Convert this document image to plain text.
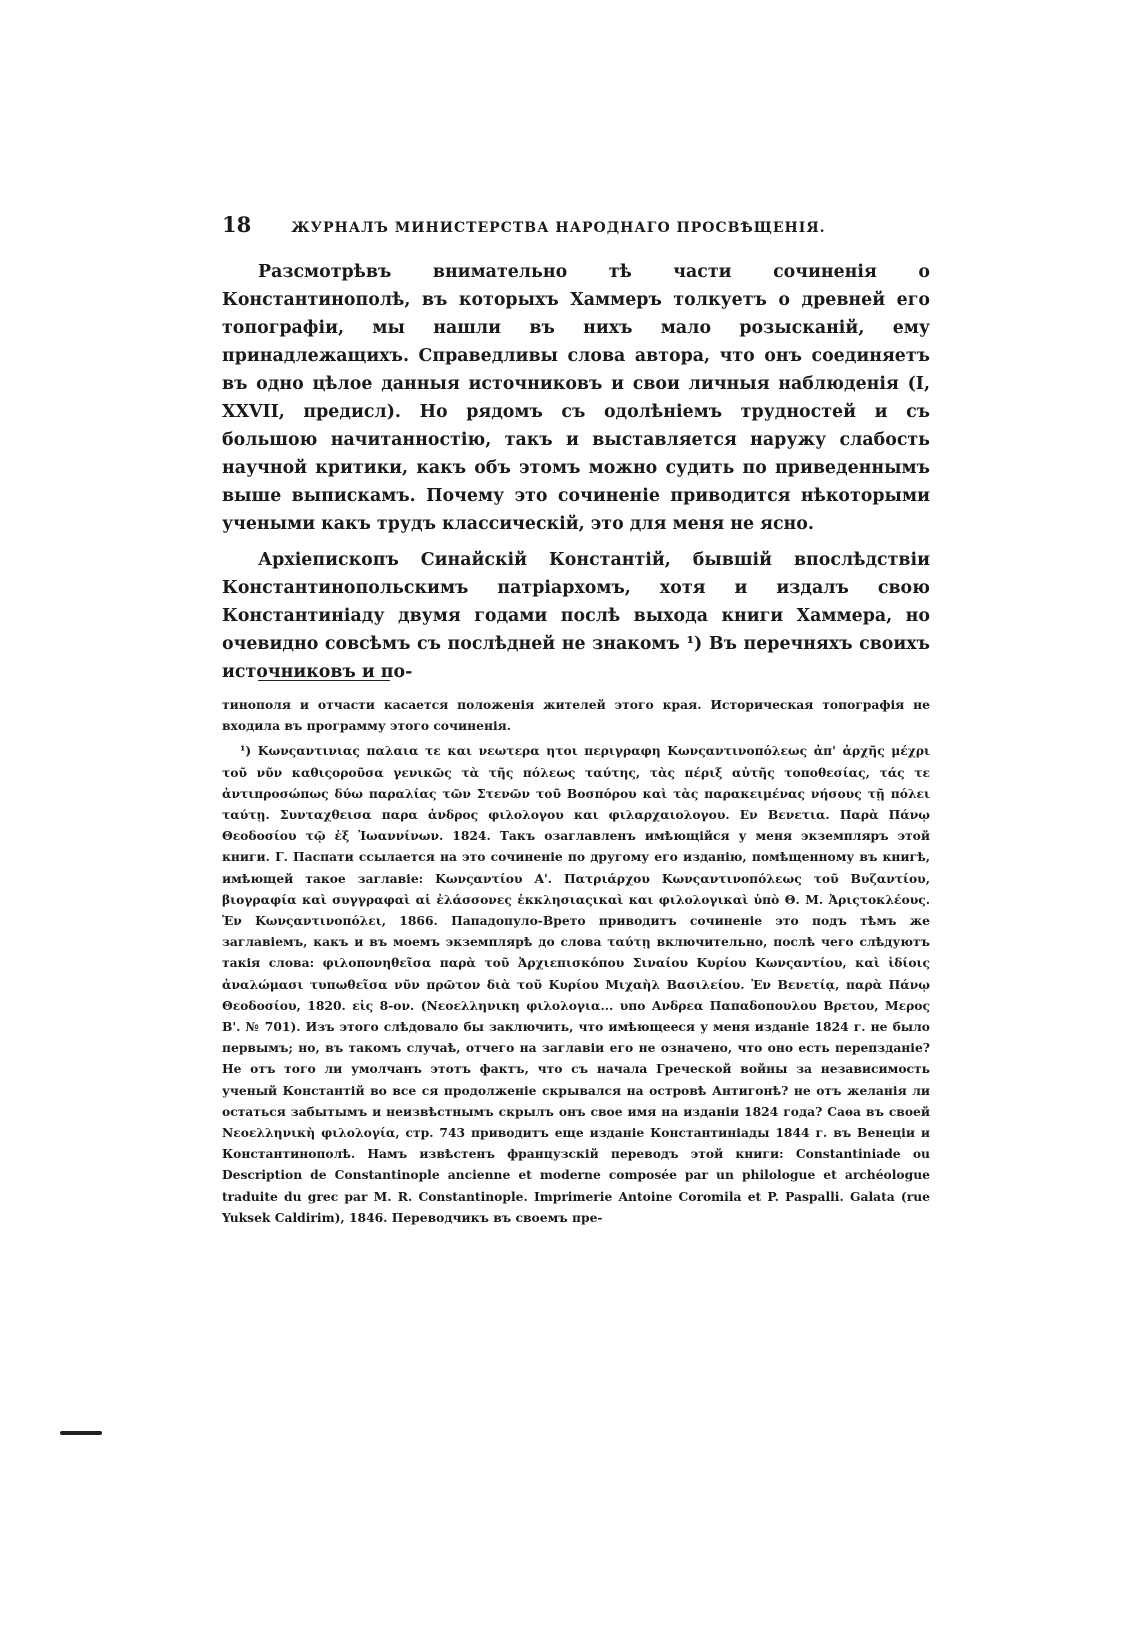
18	ЖУРНАЛЪ МИНИСТЕРСТВА НАРОДНАГО ПРОСВѢЩЕНІЯ.

Разсмотрѣвъ внимательно тѣ части сочиненія о Константинополѣ, въ которыхъ Хаммеръ толкуетъ о древней его топографіи, мы нашли въ нихъ мало розысканій, ему принадлежащихъ. Справедливы слова автора, что онъ соединяетъ въ одно цѣлое данныя источниковъ и свои личныя наблюденія (I, XXVII, предисл). Но рядомъ съ одолѣніемъ трудностей и съ большою начитанностію, такъ и выставляется наружу слабость научной критики, какъ объ этомъ можно судить по приведеннымъ выше выпискамъ. Почему это сочиненіе приводится нѣкоторыми учеными какъ трудъ классическій, это для меня не ясно.

Архіепископъ Синайскій Константій, бывшій впослѣдствіи Константинопольскимъ патріархомъ, хотя и издалъ свою Константиніаду двумя годами послѣ выхода книги Хаммера, но очевидно совсѣмъ съ послѣдней не знакомъ ¹) Въ перечняхъ своихъ источниковъ и по-

тинополя и отчасти касается положенія жителей этого края. Историческая топографія не входила въ программу этого сочиненія.

¹) Κωνςαντινιας παλαια τε και νεωτερα ητοι περιγραφη Κωνςαντινοπόλεως ἀπ' ἀρχῆς μέχρι τοῦ νῦν καθιςοροῦσα γενικῶς τὰ τῆς πόλεως ταύτης, τὰς πέριξ αὐτῆς τοποθεσίας, τάς τε ἀντιπροσώπως δύω παραλίας τῶν Στενῶν τοῦ Βοσπόρου καὶ τὰς παρακειμένας νήσους τῇ πόλει ταύτῃ. Συνταχθεισα παρα ἀνδρος φιλολογου και φιλαρχαιολογου. Εν Βενετια. Παρὰ Πάνῳ Θεοδοσίου τῷ ἐξ Ἰωαννίνων. 1824. Такъ озаглавленъ имѣющійся у меня экземпляръ этой книги. Г. Паспати ссылается на это сочиненіе по другому его изданію, помѣщенному въ книгѣ, имѣющей такое заглавіе: Κωνςαντίου Α'. Πατριάρχου Κωνςαντινοπόλεως τοῦ Βυζαντίου, βιογραφία καὶ συγγραφαὶ αἱ ἐλάσσονες ἐκκλησιαςικαὶ και φιλολογικαὶ ὑπὸ Θ. Μ. Ἀριςτοκλέους. Ἐν Κωνςαντινοπόλει, 1866. Пападопуло-Врето приводитъ сочиненіе это подъ тѣмъ же заглавіемъ, какъ и въ моемъ экземплярѣ до слова ταύτῃ включительно, послѣ чего слѣдуютъ такія слова: φιλοπονηθεῖσα παρὰ τοῦ Ἀρχιεπισκόπου Σιναίου Κυρίου Κωνςαντίου, καὶ ἰδίοις ἀναλώμασι τυπωθεῖσα νῦν πρῶτον διὰ τοῦ Κυρίου Μιχαὴλ Βασιλείου. Ἐν Βενετίᾳ, παρὰ Πάνῳ Θεοδοσίου, 1820. εἰς 8-ον. (Νεοελληνικη φιλολογια... υπο Ανδρεα Παπαδοπουλου Βρετου, Μερος Β'. № 701). Изъ этого слѣдовало бы заключить, что имѣющееся у меня изданіе 1824 г. не было первымъ; но, въ такомъ случаѣ, отчего на заглавіи его не означено, что оно есть перепзданіе? Не отъ того ли умолчанъ этотъ фактъ, что съ начала Греческой войны за независимость ученый Константій во все ся продолженіе скрывался на островѣ Антигонѣ? не отъ желанія ли остаться забытымъ и неизвѣстнымъ скрылъ онъ свое имя на изданіи 1824 года? Саѳа въ своей Νεοελληνικὴ φιλολογία, стр. 743 приводитъ еще изданіе Константиніады 1844 г. въ Венеціи и Константинополѣ. Намъ извѣстенъ французскій переводъ этой книги: Constantiniade ou Description de Constantinople ancienne et moderne composée par un philologue et archéologue traduite du grec par M. R. Constantinople. Imprimerie Antoine Coromila et P. Paspalli. Galata (rue Yuksek Caldirim), 1846. Переводчикъ въ своемъ пре-
